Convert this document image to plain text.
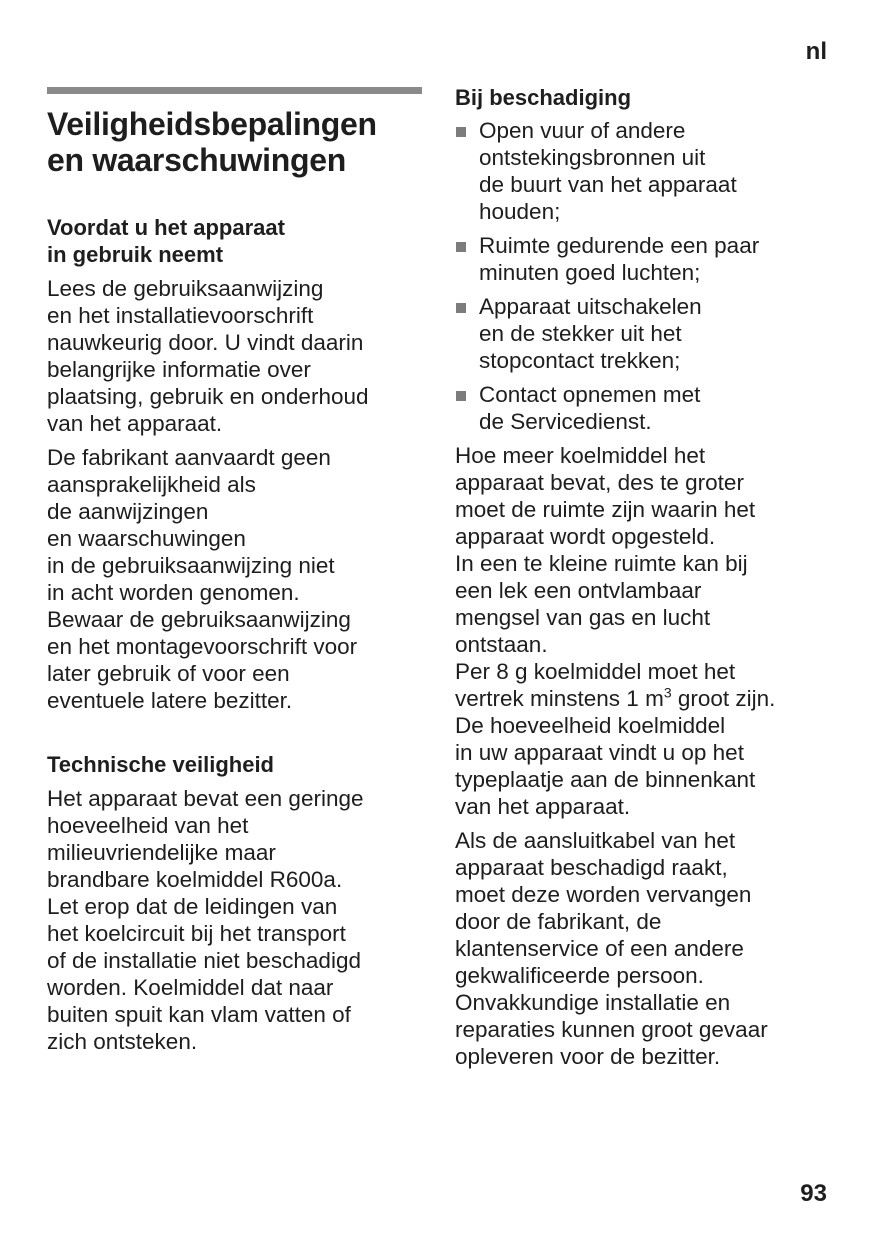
nl
Veiligheidsbepalingen
en waarschuwingen
Voordat u het apparaat
in gebruik neemt

Lees de gebruiksaanwijzing
en het installatievoorschrift
nauwkeurig door. U vindt daarin
belangrijke informatie over
plaatsing, gebruik en onderhoud
van het apparaat.

De fabrikant aanvaardt geen
aansprakelijkheid als
de aanwijzingen
en waarschuwingen
in de gebruiksaanwijzing niet
in acht worden genomen.
Bewaar de gebruiksaanwijzing
en het montagevoorschrift voor
later gebruik of voor een
eventuele latere bezitter.

Technische veiligheid

Het apparaat bevat een geringe
hoeveelheid van het
milieuvriendelijke maar
brandbare koelmiddel R600a.
Let erop dat de leidingen van
het koelcircuit bij het transport
of de installatie niet beschadigd
worden. Koelmiddel dat naar
buiten spuit kan vlam vatten of
zich ontsteken.

Bij beschadiging
Open vuur of andere
ontstekingsbronnen uit
de buurt van het apparaat
houden;
Ruimte gedurende een paar
minuten goed luchten;
Apparaat uitschakelen
en de stekker uit het
stopcontact trekken;
Contact opnemen met
de Servicedienst.

Hoe meer koelmiddel het
apparaat bevat, des te groter
moet de ruimte zijn waarin het
apparaat wordt opgesteld.
In een te kleine ruimte kan bij
een lek een ontvlambaar
mengsel van gas en lucht
ontstaan.
Per 8 g koelmiddel moet het

vertrek minstens 1 $m^3$ groot zijn.

De hoeveelheid koelmiddel
in uw apparaat vindt u op het
typeplaatje aan de binnenkant
van het apparaat.

Als de aansluitkabel van het
apparaat beschadigd raakt,
moet deze worden vervangen
door de fabrikant, de
klantenservice of een andere
gekwalificeerde persoon.
Onvakkundige installatie en
reparaties kunnen groot gevaar
opleveren voor de bezitter.

93
